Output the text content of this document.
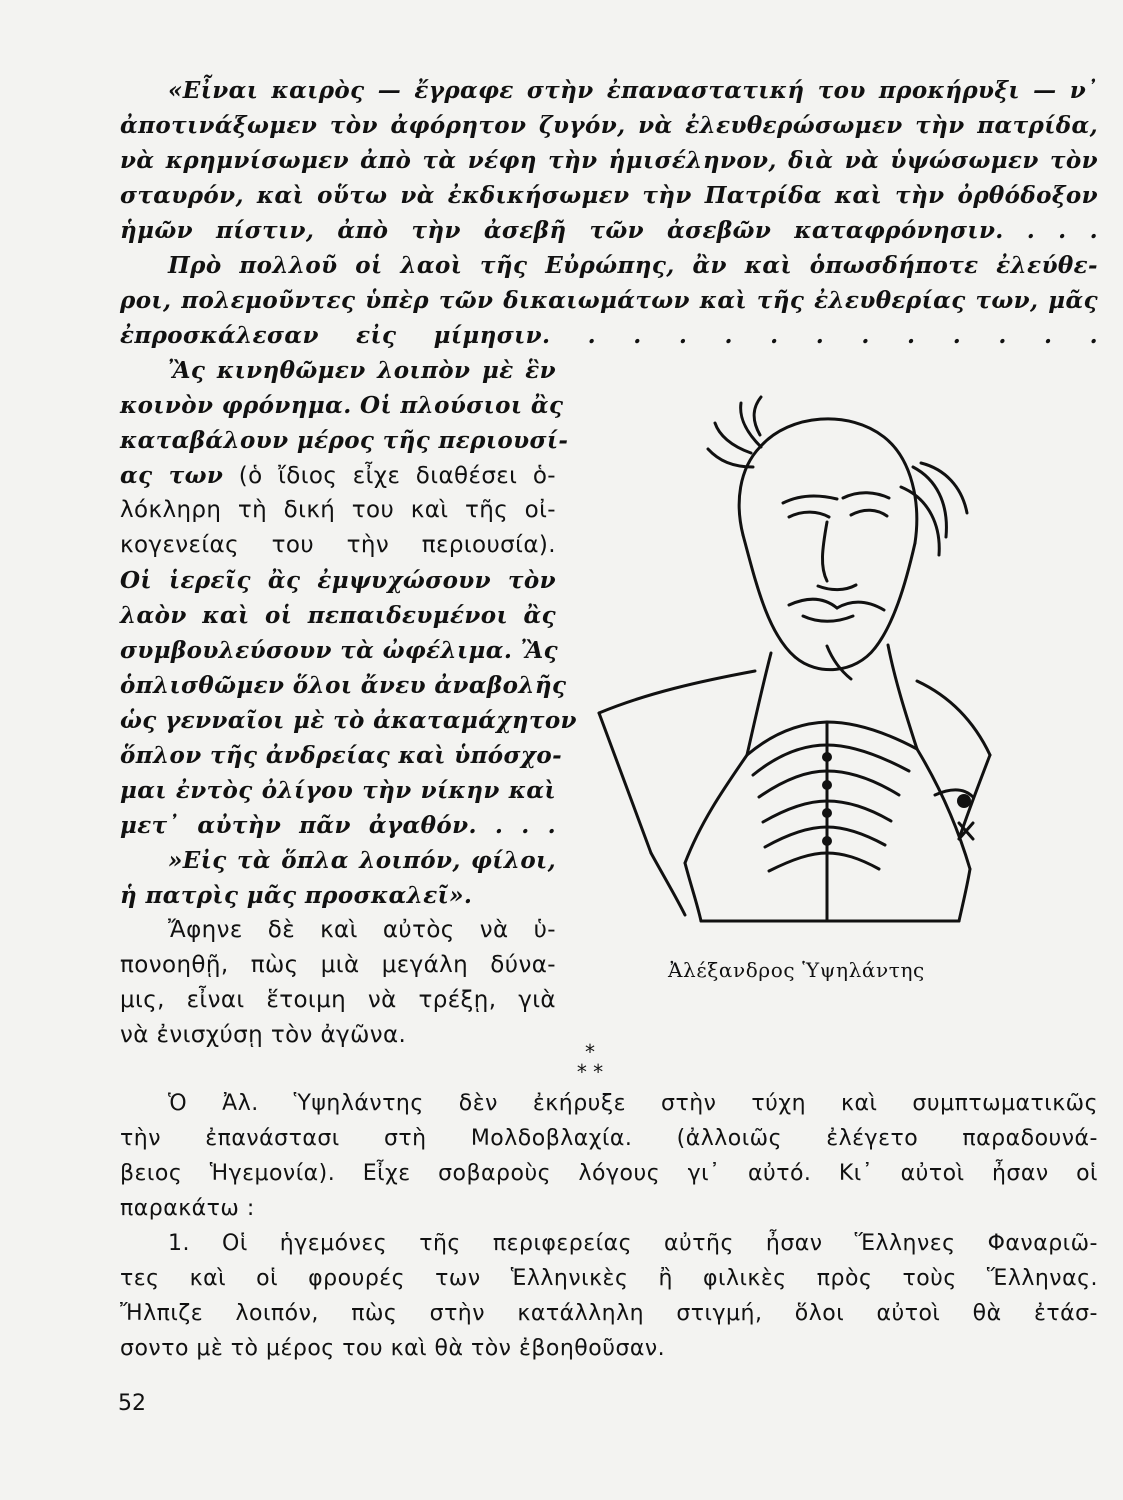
«Εἶναι καιρὸς — ἔγραφε στὴν ἐπαναστατική του προκήρυξι — ν᾽
ἀποτινάξωμεν τὸν ἀφόρητον ζυγόν, νὰ ἐλευθερώσωμεν τὴν πατρίδα,
νὰ κρημνίσωμεν ἀπὸ τὰ νέφη τὴν ἡμισέληνον, διὰ νὰ ὑψώσωμεν τὸν
σταυρόν, καὶ οὕτω νὰ ἐκδικήσωμεν τὴν Πατρίδα καὶ τὴν ὀρθόδοξον
ἡμῶν πίστιν, ἀπὸ τὴν ἀσεβῆ τῶν ἀσεβῶν καταφρόνησιν. . . .
Πρὸ πολλοῦ οἱ λαοὶ τῆς Εὐρώπης, ἂν καὶ ὁπωσδήποτε ἐλεύθε-
ροι, πολεμοῦντες ὑπὲρ τῶν δικαιωμάτων καὶ τῆς ἐλευθερίας των, μᾶς
ἐπροσκάλεσαν εἰς μίμησιν. . . . . . . . . . . . .
Ἂς κινηθῶμεν λοιπὸν μὲ ἓν
κοινὸν φρόνημα. Οἱ πλούσιοι ἂς
καταβάλουν μέρος τῆς περιουσί-
ας των (ὁ ἴδιος εἶχε διαθέσει ὁ-
λόκληρη τὴ δική του καὶ τῆς οἰ-
κογενείας του τὴν περιουσία).
Οἱ ἱερεῖς ἂς ἐμψυχώσουν τὸν
λαὸν καὶ οἱ πεπαιδευμένοι ἂς
συμβουλεύσουν τὰ ὠφέλιμα. Ἂς
ὁπλισθῶμεν ὅλοι ἄνευ ἀναβολῆς
ὡς γενναῖοι μὲ τὸ ἀκαταμάχητον
ὅπλον τῆς ἀνδρείας καὶ ὑπόσχο-
μαι ἐντὸς ὀλίγου τὴν νίκην καὶ
μετ᾽ αὐτὴν πᾶν ἀγαθόν. . . .
»Εἰς τὰ ὅπλα λοιπόν, φίλοι,
ἡ πατρὶς μᾶς προσκαλεῖ».
Ἄφηνε δὲ καὶ αὐτὸς νὰ ὑ-
πονοηθῇ, πὼς μιὰ μεγάλη δύνα-
μις, εἶναι ἕτοιμη νὰ τρέξῃ, γιὰ
νὰ ἐνισχύσῃ τὸν ἀγῶνα.
Ἀλέξανδρος Ὑψηλάντης
*
* *
Ὁ Ἀλ. Ὑψηλάντης δὲν ἐκήρυξε στὴν τύχη καὶ συμπτωματικῶς
τὴν ἐπανάστασι στὴ Μολδοβλαχία. (ἀλλοιῶς ἐλέγετο παραδουνά-
βειος Ἡγεμονία). Εἶχε σοβαροὺς λόγους γι᾽ αὐτό. Κι᾽ αὐτοὶ ἦσαν οἱ
παρακάτω :
1. Οἱ ἡγεμόνες τῆς περιφερείας αὐτῆς ἦσαν Ἕλληνες Φαναριῶ-
τες καὶ οἱ φρουρές των Ἑλληνικὲς ἢ φιλικὲς πρὸς τοὺς Ἕλληνας.
Ἤλπιζε λοιπόν, πὼς στὴν κατάλληλη στιγμή, ὅλοι αὐτοὶ θὰ ἐτάσ-
σοντο μὲ τὸ μέρος του καὶ θὰ τὸν ἐβοηθοῦσαν.
52
